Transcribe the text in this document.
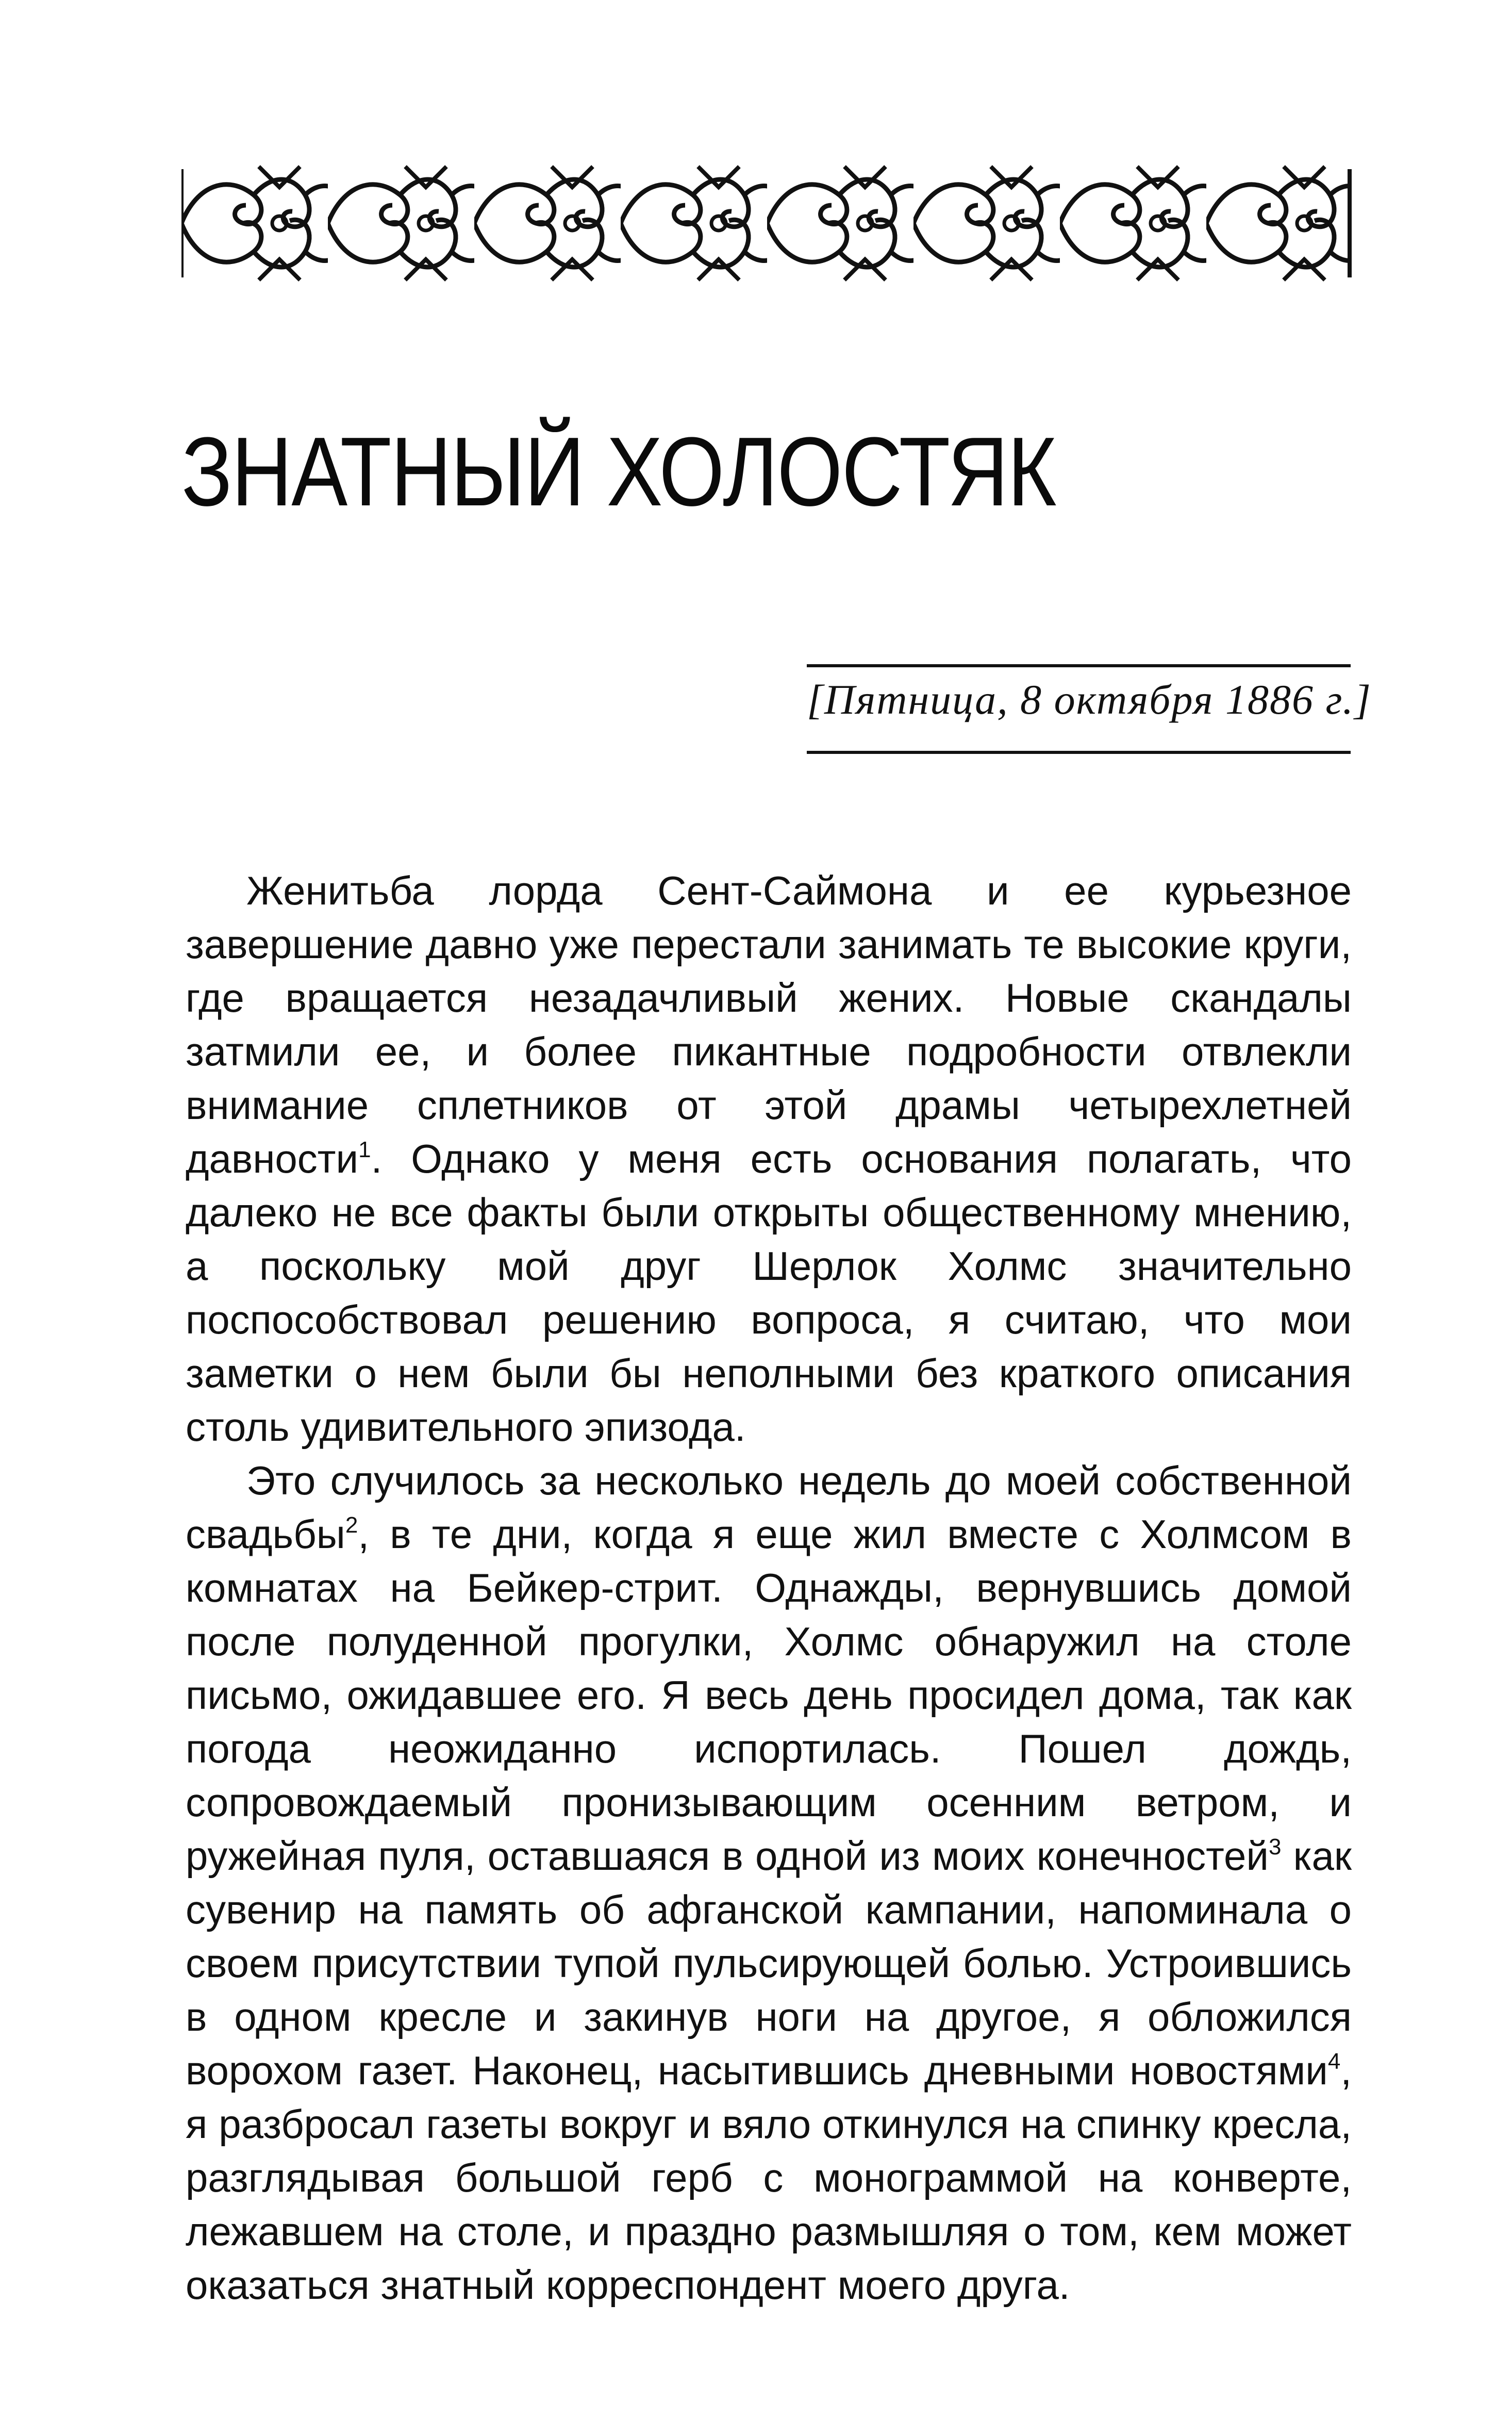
ЗНАТНЫЙ ХОЛОСТЯК
[Пятница, 8 октября 1886 г.]

Женитьба лорда Сент-Саймона и ее курьезное завершение давно уже перестали занимать те высокие круги, где вращается незадачливый жених. Новые скандалы затмили ее, и более пикантные подробности отвлекли внимание сплетников от этой драмы четырехлетней давности$^1$. Однако у меня есть основания полагать, что далеко не все факты были открыты общественному мнению, а поскольку мой друг Шерлок Холмс значительно поспособствовал решению вопроса, я считаю, что мои заметки о нем были бы неполными без краткого описания столь удивительного эпизода.

Это случилось за несколько недель до моей собственной свадьбы$^2$, в те дни, когда я еще жил вместе с Холмсом в комнатах на Бейкер-стрит. Однажды, вернувшись домой после полуденной прогулки, Холмс обнаружил на столе письмо, ожидавшее его. Я весь день просидел дома, так как погода неожиданно испортилась. Пошел дождь, сопровождаемый пронизывающим осенним ветром, и ружейная пуля, оставшаяся в одной из моих конечностей$^3$ как сувенир на память об афганской кампании, напоминала о своем присутствии тупой пульсирующей болью. Устроившись в одном кресле и закинув ноги на другое, я обложился ворохом газет. Наконец, насытившись дневными новостями$^4$, я разбросал газеты вокруг и вяло откинулся на спинку кресла, разглядывая большой герб с монограммой на конверте, лежавшем на столе, и праздно размышляя о том, кем может оказаться знатный корреспондент моего друга.
